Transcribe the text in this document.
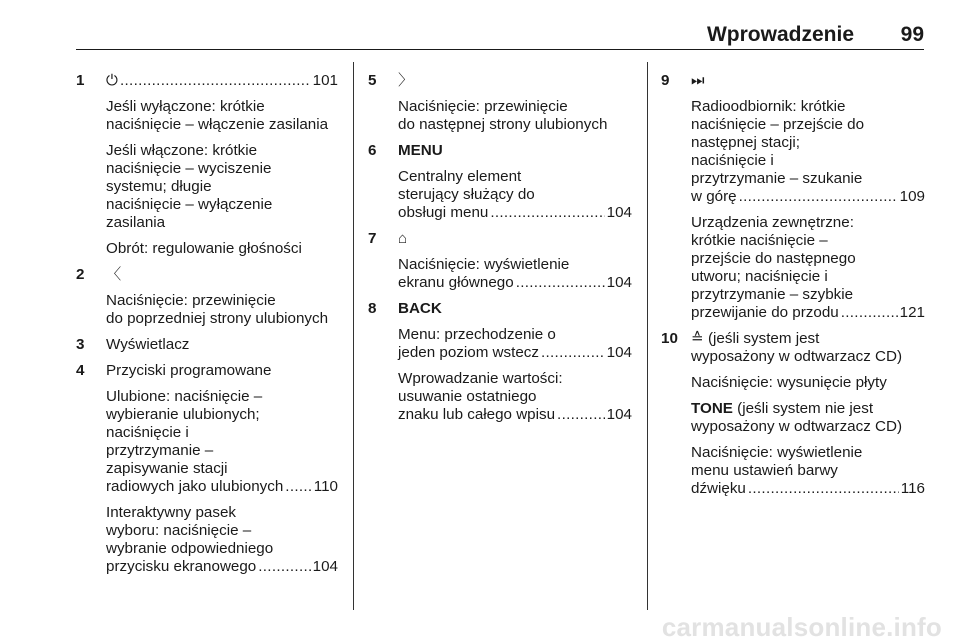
Wprowadzenie 99
1 ⏻ .....	101

Jeśli wyłączone: krótkie
naciśnięcie – włączenie zasilania

Jeśli włączone: krótkie
naciśnięcie – wyciszenie
systemu; długie
naciśnięcie – wyłączenie
zasilania

Obrót: regulowanie głośności

2 〈

Naciśnięcie: przewinięcie
do poprzedniej strony ulubionych

3 Wyświetlacz

4 Przyciski programowane

Ulubione: naciśnięcie –
wybieranie ulubionych;
naciśnięcie i
przytrzymanie –
zapisywanie stacji
radiowych jako ulubionych ..... 110

Interaktywny pasek
wyboru: naciśnięcie –
wybranie odpowiedniego
przycisku ekranowego .....	104

5 〉

Naciśnięcie: przewinięcie
do następnej strony ulubionych

6 MENU

Centralny element
sterujący służący do
obsługi menu .....	104

7 ⌂

Naciśnięcie: wyświetlenie
ekranu głównego .....	104

8 BACK

Menu: przechodzenie o
jeden poziom wstecz .....	104

Wprowadzanie wartości:
usuwanie ostatniego
znaku lub całego wpisu .....	104

9 ⏭

Radioodbiornik: krótkie
naciśnięcie – przejście do
następnej stacji;
naciśnięcie i
przytrzymanie – szukanie
w górę .....	109

Urządzenia zewnętrzne:
krótkie naciśnięcie –
przejście do następnego
utworu; naciśnięcie i
przytrzymanie – szybkie
przewijanie do przodu .....	121

10 ≙ (jeśli system jest
wyposażony w odtwarzacz CD)

Naciśnięcie: wysunięcie płyty

TONE (jeśli system nie jest
wyposażony w odtwarzacz CD)

Naciśnięcie: wyświetlenie
menu ustawień barwy
dźwięku .....	116

carmanualsonline.info
